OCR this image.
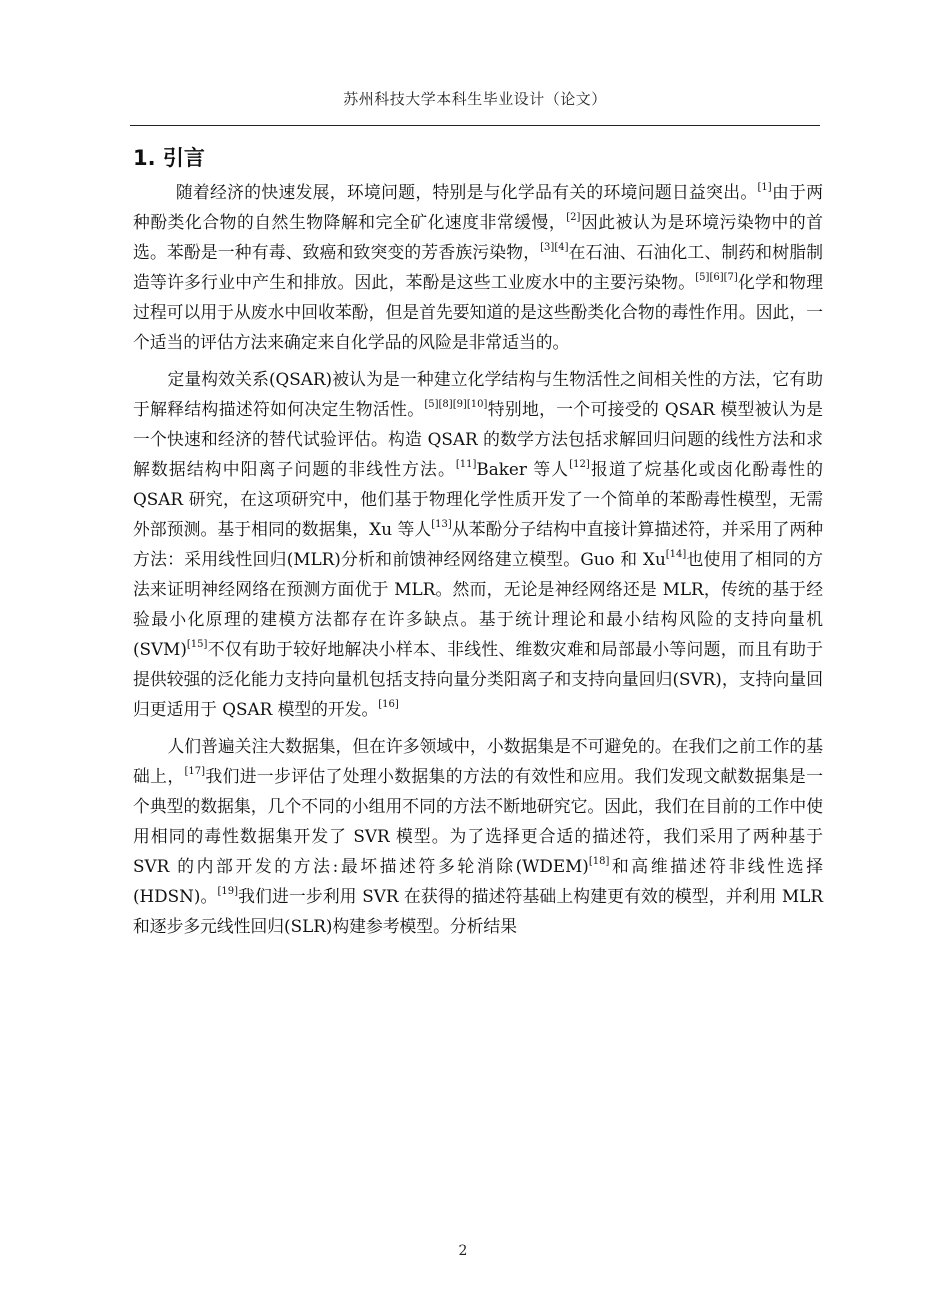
苏州科技大学本科生毕业设计（论文）
1. 引言

随着经济的快速发展，环境问题，特别是与化学品有关的环境问题日益突出。[1]由于两种酚类化合物的自然生物降解和完全矿化速度非常缓慢，[2]因此被认为是环境污染物中的首选。苯酚是一种有毒、致癌和致突变的芳香族污染物，[3][4]在石油、石油化工、制药和树脂制造等许多行业中产生和排放。因此，苯酚是这些工业废水中的主要污染物。[5][6][7]化学和物理过程可以用于从废水中回收苯酚，但是首先要知道的是这些酚类化合物的毒性作用。因此，一个适当的评估方法来确定来自化学品的风险是非常适当的。

定量构效关系(QSAR)被认为是一种建立化学结构与生物活性之间相关性的方法，它有助于解释结构描述符如何决定生物活性。[5][8][9][10]特别地，一个可接受的 QSAR 模型被认为是一个快速和经济的替代试验评估。构造 QSAR 的数学方法包括求解回归问题的线性方法和求解数据结构中阳离子问题的非线性方法。[11]Baker 等人[12]报道了烷基化或卤化酚毒性的 QSAR 研究，在这项研究中，他们基于物理化学性质开发了一个简单的苯酚毒性模型，无需外部预测。基于相同的数据集，Xu 等人[13]从苯酚分子结构中直接计算描述符，并采用了两种方法：采用线性回归(MLR)分析和前馈神经网络建立模型。Guo 和 Xu[14]也使用了相同的方法来证明神经网络在预测方面优于 MLR。然而，无论是神经网络还是 MLR，传统的基于经验最小化原理的建模方法都存在许多缺点。基于统计理论和最小结构风险的支持向量机(SVM)[15]不仅有助于较好地解决小样本、非线性、维数灾难和局部最小等问题，而且有助于提供较强的泛化能力支持向量机包括支持向量分类阳离子和支持向量回归(SVR)，支持向量回归更适用于 QSAR 模型的开发。[16]

人们普遍关注大数据集，但在许多领域中，小数据集是不可避免的。在我们之前工作的基础上，[17]我们进一步评估了处理小数据集的方法的有效性和应用。我们发现文献数据集是一个典型的数据集，几个不同的小组用不同的方法不断地研究它。因此，我们在目前的工作中使用相同的毒性数据集开发了 SVR 模型。为了选择更合适的描述符，我们采用了两种基于 SVR 的内部开发的方法:最坏描述符多轮消除(WDEM)[18]和高维描述符非线性选择(HDSN)。[19]我们进一步利用 SVR 在获得的描述符基础上构建更有效的模型，并利用 MLR 和逐步多元线性回归(SLR)构建参考模型。分析结果

2
